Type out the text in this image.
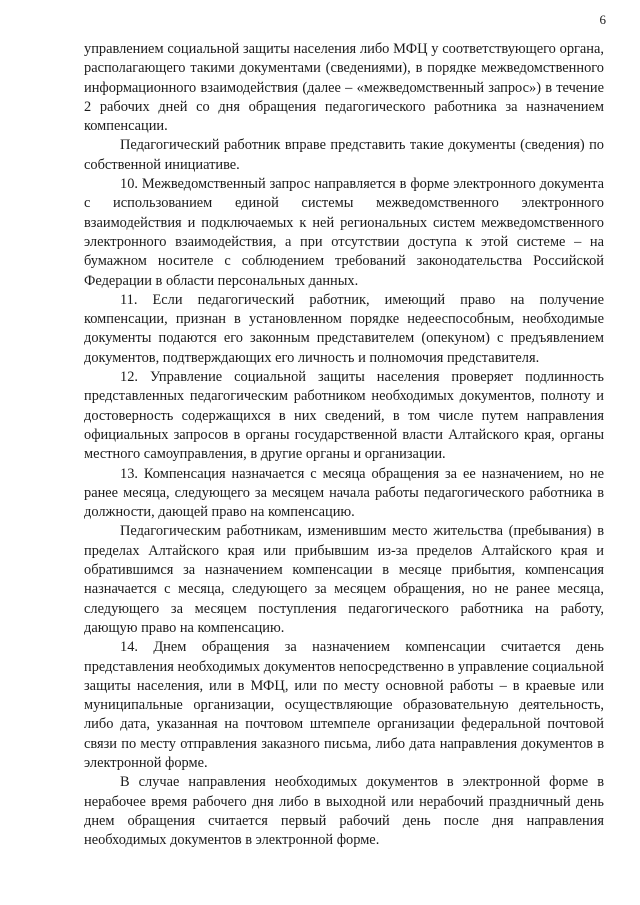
6

управлением социальной защиты населения либо МФЦ у соответствующего органа, располагающего такими документами (сведениями), в порядке межведомственного информационного взаимодействия (далее – «межведомственный запрос») в течение 2 рабочих дней со дня обращения педагогического работника за назначением компенсации.

Педагогический работник вправе представить такие документы (сведения) по собственной инициативе.

10. Межведомственный запрос направляется в форме электронного документа с использованием единой системы межведомственного электронного взаимодействия и подключаемых к ней региональных систем межведомственного электронного взаимодействия, а при отсутствии доступа к этой системе – на бумажном носителе с соблюдением требований законодательства Российской Федерации в области персональных данных.

11. Если педагогический работник, имеющий право на получение компенсации, признан в установленном порядке недееспособным, необходимые документы подаются его законным представителем (опекуном) с предъявлением документов, подтверждающих его личность и полномочия представителя.

12. Управление социальной защиты населения проверяет подлинность представленных педагогическим работником необходимых документов, полноту и достоверность содержащихся в них сведений, в том числе путем направления официальных запросов в органы государственной власти Алтайского края, органы местного самоуправления, в другие органы и организации.

13. Компенсация назначается с месяца обращения за ее назначением, но не ранее месяца, следующего за месяцем начала работы педагогического работника в должности, дающей право на компенсацию.

Педагогическим работникам, изменившим место жительства (пребывания) в пределах Алтайского края или прибывшим из-за пределов Алтайского края и обратившимся за назначением компенсации в месяце прибытия, компенсация назначается с месяца, следующего за месяцем обращения, но не ранее месяца, следующего за месяцем поступления педагогического работника на работу, дающую право на компенсацию.

14. Днем обращения за назначением компенсации считается день представления необходимых документов непосредственно в управление социальной защиты населения, или в МФЦ, или по месту основной работы – в краевые или муниципальные организации, осуществляющие образовательную деятельность, либо дата, указанная на почтовом штемпеле организации федеральной почтовой связи по месту отправления заказного письма, либо дата направления документов в электронной форме.

В случае направления необходимых документов в электронной форме в нерабочее время рабочего дня либо в выходной или нерабочий праздничный день днем обращения считается первый рабочий день после дня направления необходимых документов в электронной форме.
